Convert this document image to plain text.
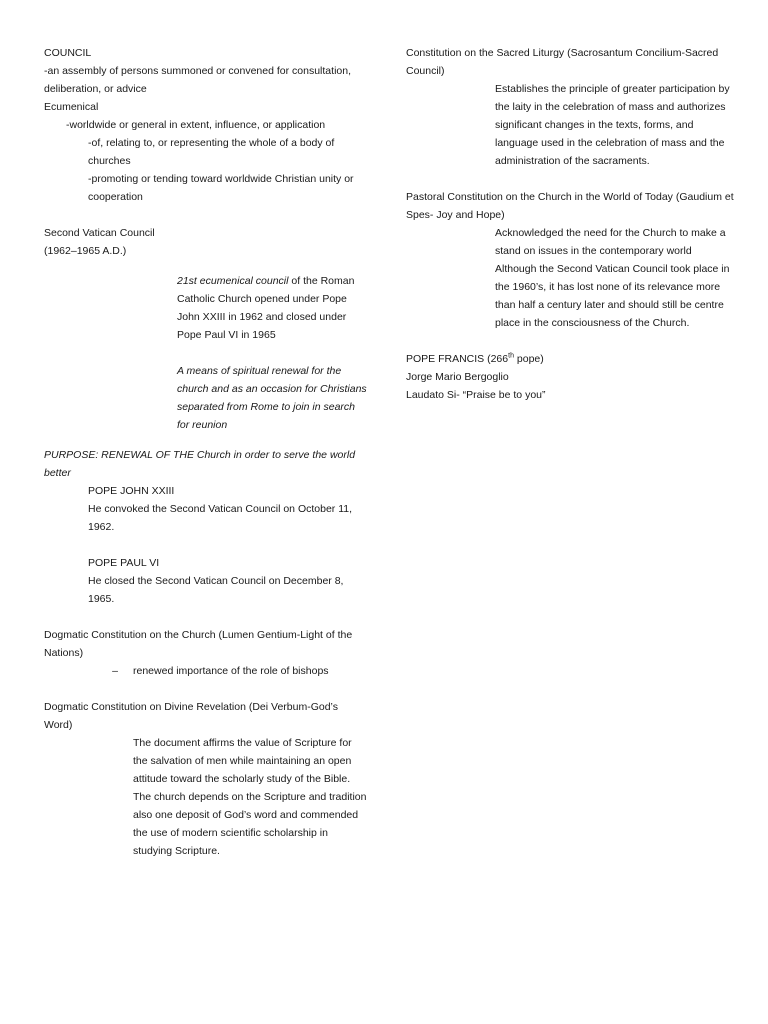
COUNCIL

-an assembly of persons summoned or convened for consultation, deliberation, or advice

Ecumenical

-worldwide or general in extent, influence, or application

-of, relating to, or representing the whole of a body of churches

-promoting or tending toward worldwide Christian unity or cooperation

Second Vatican Council

(1962–1965 A.D.)

21st ecumenical council of the Roman Catholic Church opened under Pope John XXIII in 1962 and closed under Pope Paul VI in 1965

A means of spiritual renewal for the church and as an occasion for Christians separated from Rome to join in search for reunion

PURPOSE: RENEWAL OF THE Church in order to serve the world better

POPE JOHN XXIII

He convoked the Second Vatican Council on October 11, 1962.

POPE PAUL VI

He closed the Second Vatican Council on December 8, 1965.

Dogmatic Constitution on the Church (Lumen Gentium-Light of the Nations)

–	renewed importance of the role of bishops

Dogmatic Constitution on Divine Revelation (Dei Verbum-God’s Word)

The document affirms the value of Scripture for the salvation of men while maintaining an open attitude toward the scholarly study of the Bible.

The church depends on the Scripture and tradition also one deposit of God’s word and commended the use of modern scientific scholarship in studying Scripture.

Constitution on the Sacred Liturgy (Sacrosantum Concilium-Sacred Council)

Establishes the principle of greater participation by the laity in the celebration of mass and authorizes significant changes in the texts, forms, and language used in the celebration of mass and the administration of the sacraments.

Pastoral Constitution on the Church in the World of Today (Gaudium et Spes- Joy and Hope)

Acknowledged the need for the Church to make a stand on issues in the contemporary world

Although the Second Vatican Council took place in the 1960’s, it has lost none of its relevance more than half a century later and should still be centre place in the consciousness of the Church.

POPE FRANCIS (266th pope)

Jorge Mario Bergoglio

Laudato Si- “Praise be to you”
